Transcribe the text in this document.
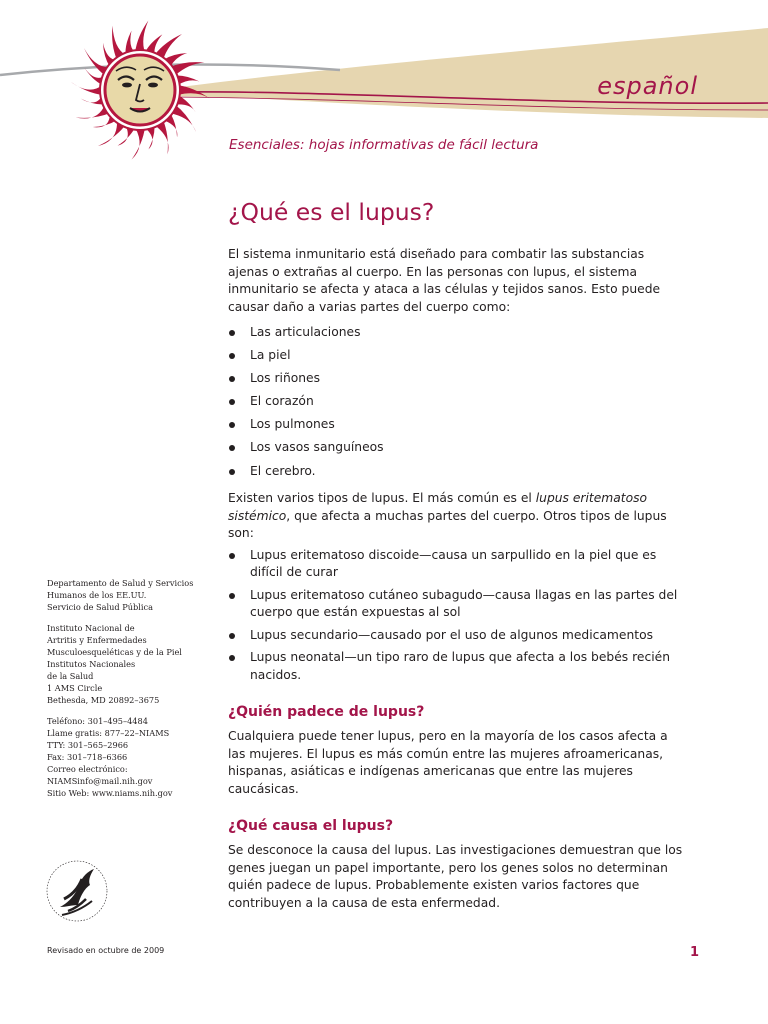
español
Esenciales: hojas informativas de fácil lectura
¿Qué es el lupus?

El sistema inmunitario está diseñado para combatir las substancias ajenas o extrañas al cuerpo. En las personas con lupus, el sistema inmunitario se afecta y ataca a las células y tejidos sanos. Esto puede causar daño a varias partes del cuerpo como:

Las articulaciones
La piel
Los riñones
El corazón
Los pulmones
Los vasos sanguíneos
El cerebro.

Existen varios tipos de lupus. El más común es el lupus eritematoso sistémico, que afecta a muchas partes del cuerpo. Otros tipos de lupus son:

Lupus eritematoso discoide—causa un sarpullido en la piel que es difícil de curar
Lupus eritematoso cutáneo subagudo—causa llagas en las partes del cuerpo que están expuestas al sol
Lupus secundario—causado por el uso de algunos medicamentos
Lupus neonatal—un tipo raro de lupus que afecta a los bebés recién nacidos.
¿Quién padece de lupus?

Cualquiera puede tener lupus, pero en la mayoría de los casos afecta a las mujeres. El lupus es más común entre las mujeres afroamericanas, hispanas, asiáticas e indígenas americanas que entre las mujeres caucásicas.

¿Qué causa el lupus?

Se desconoce la causa del lupus. Las investigaciones demuestran que los genes juegan un papel importante, pero los genes solos no determinan quién padece de lupus. Probablemente existen varios factores que contribuyen a la causa de esta enfermedad.

Departamento de Salud y Servicios
Humanos de los EE.UU.
Servicio de Salud Pública
Instituto Nacional de
Artritis y Enfermedades
Musculoesqueléticas y de la Piel
Institutos Nacionales
de la Salud
1 AMS Circle
Bethesda, MD 20892–3675
Teléfono: 301–495–4484
Llame gratis: 877–22–NIAMS
TTY: 301–565–2966
Fax: 301–718–6366
Correo electrónico:
NIAMSinfo@mail.nih.gov
Sitio Web: www.niams.nih.gov
Revisado en octubre de 2009	1
